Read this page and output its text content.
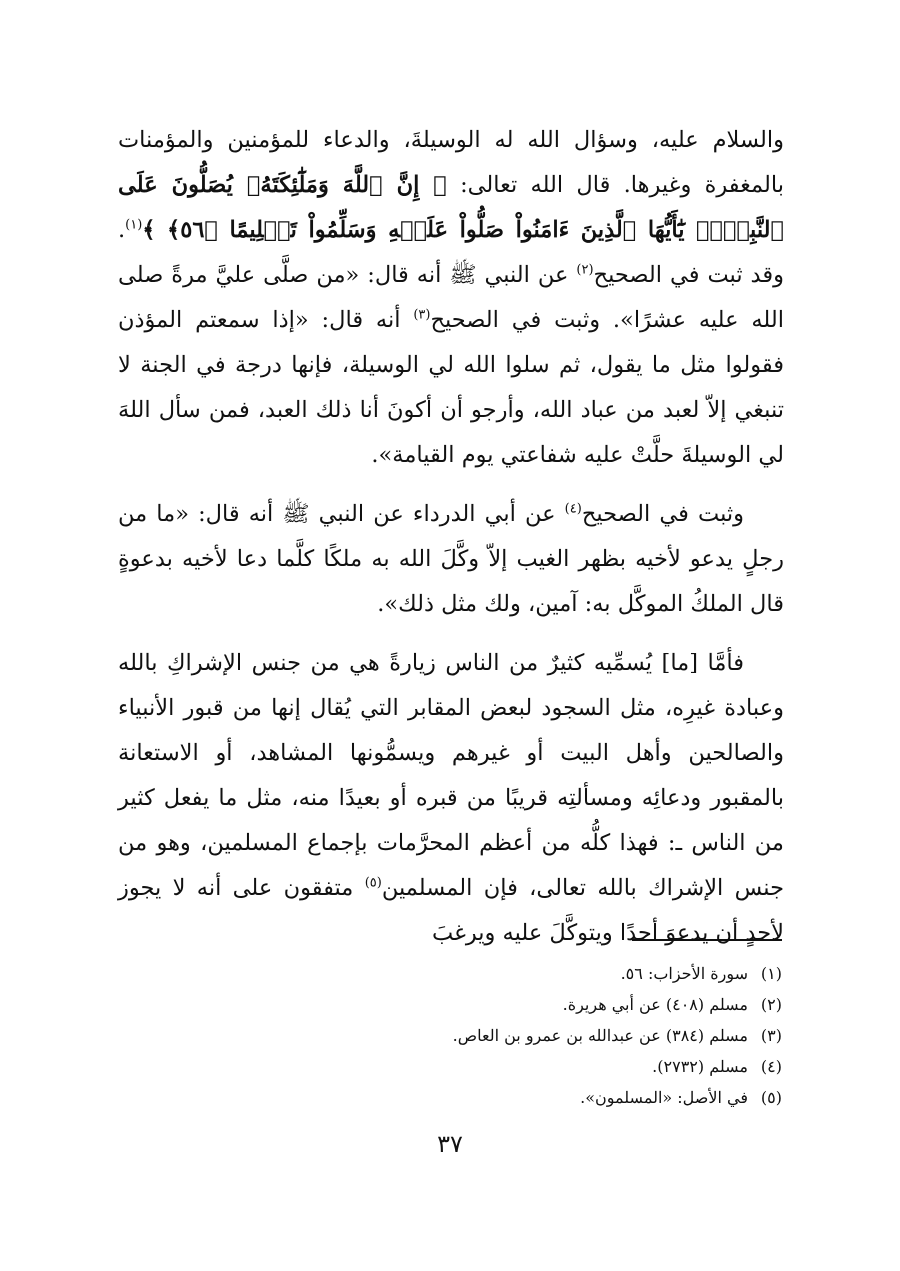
والسلام عليه، وسؤال الله له الوسيلةَ، والدعاء للمؤمنين والمؤمنات بالمغفرة وغيرها. قال الله تعالى: ﴿ إِنَّ ٱللَّهَ وَمَلَٰٓئِكَتَهُۥ يُصَلُّونَ عَلَى ٱلنَّبِيِّۚ يَٰٓأَيُّهَا ٱلَّذِينَ ءَامَنُواْ صَلُّواْ عَلَيۡهِ وَسَلِّمُواْ تَسۡلِيمًا ﴿٥٦﴾ ﴾$^{(١)}$. وقد ثبت في الصحيح$^{(٢)}$ عن النبي ﷺ أنه قال: «من صلَّى عليَّ مرةً صلى الله عليه عشرًا». وثبت في الصحيح$^{(٣)}$ أنه قال: «إذا سمعتم المؤذن فقولوا مثل ما يقول، ثم سلوا الله لي الوسيلة، فإنها درجة في الجنة لا تنبغي إلاّ لعبد من عباد الله، وأرجو أن أكونَ أنا ذلك العبد، فمن سأل اللهَ لي الوسيلةَ حلَّتْ عليه شفاعتي يوم القيامة».

وثبت في الصحيح$^{(٤)}$ عن أبي الدرداء عن النبي ﷺ أنه قال: «ما من رجلٍ يدعو لأخيه بظهر الغيب إلاّ وكَّلَ الله به ملكًا كلَّما دعا لأخيه بدعوةٍ قال الملكُ الموكَّل به: آمين، ولك مثل ذلك».

فأمَّا [ما] يُسمِّيه كثيرٌ من الناس زيارةً هي من جنس الإشراكِ بالله وعبادة غيرِه، مثل السجود لبعض المقابر التي يُقال إنها من قبور الأنبياء والصالحين وأهل البيت أو غيرهم ويسمُّونها المشاهد، أو الاستعانة بالمقبور ودعائِه ومسألتِه قريبًا من قبره أو بعيدًا منه، مثل ما يفعل كثير من الناس ـ: فهذا كلُّه من أعظم المحرَّمات بإجماع المسلمين، وهو من جنس الإشراك بالله تعالى، فإن المسلمين$^{(٥)}$ متفقون على أنه لا يجوز لأحدٍ أن يدعوَ أحدًا ويتوكَّلَ عليه ويرغبَ

(١)سورة الأحزاب: ٥٦.
(٢)مسلم (٤٠٨) عن أبي هريرة.
(٣)مسلم (٣٨٤) عن عبدالله بن عمرو بن العاص.
(٤)مسلم (٢٧٣٢).
(٥)في الأصل: «المسلمون».
٣٧
